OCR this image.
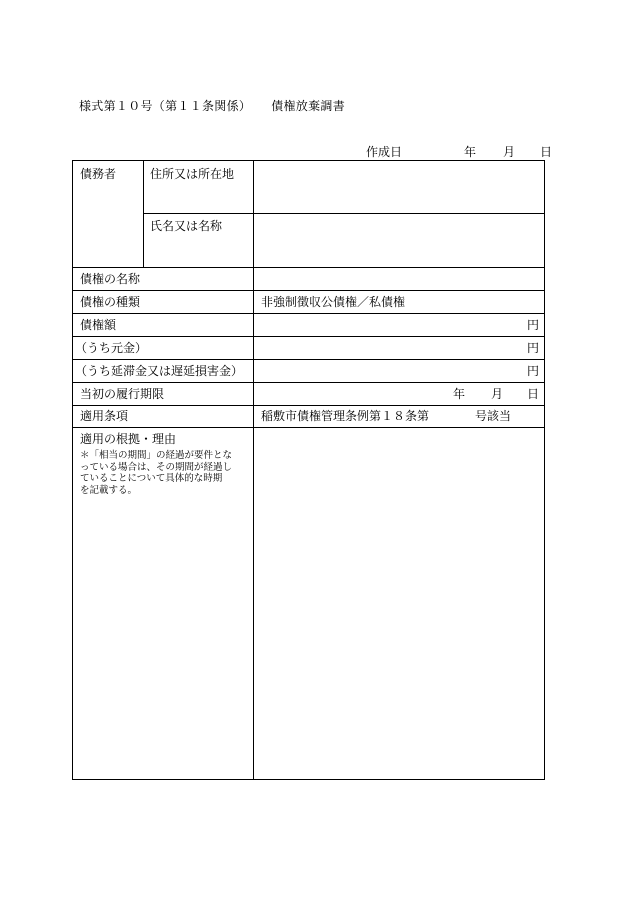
様式第１０号（第１１条関係） 債権放棄調書
作成日	年 月 日
債務者	住所又は所在地
氏名又は名称
債権の名称
債権の種類	非強制徴収公債権／私債権
債権額	円
（うち元金）	円
（うち延滞金又は遅延損害金）	円
当初の履行期限	年 月 日
適用条項	稲敷市債権管理条例第１８条第	号該当
適用の根拠・理由
＊「相当の期間」の経過が要件とな
っている場合は、その期間が経過し
ていることについて具体的な時期
を記載する。
